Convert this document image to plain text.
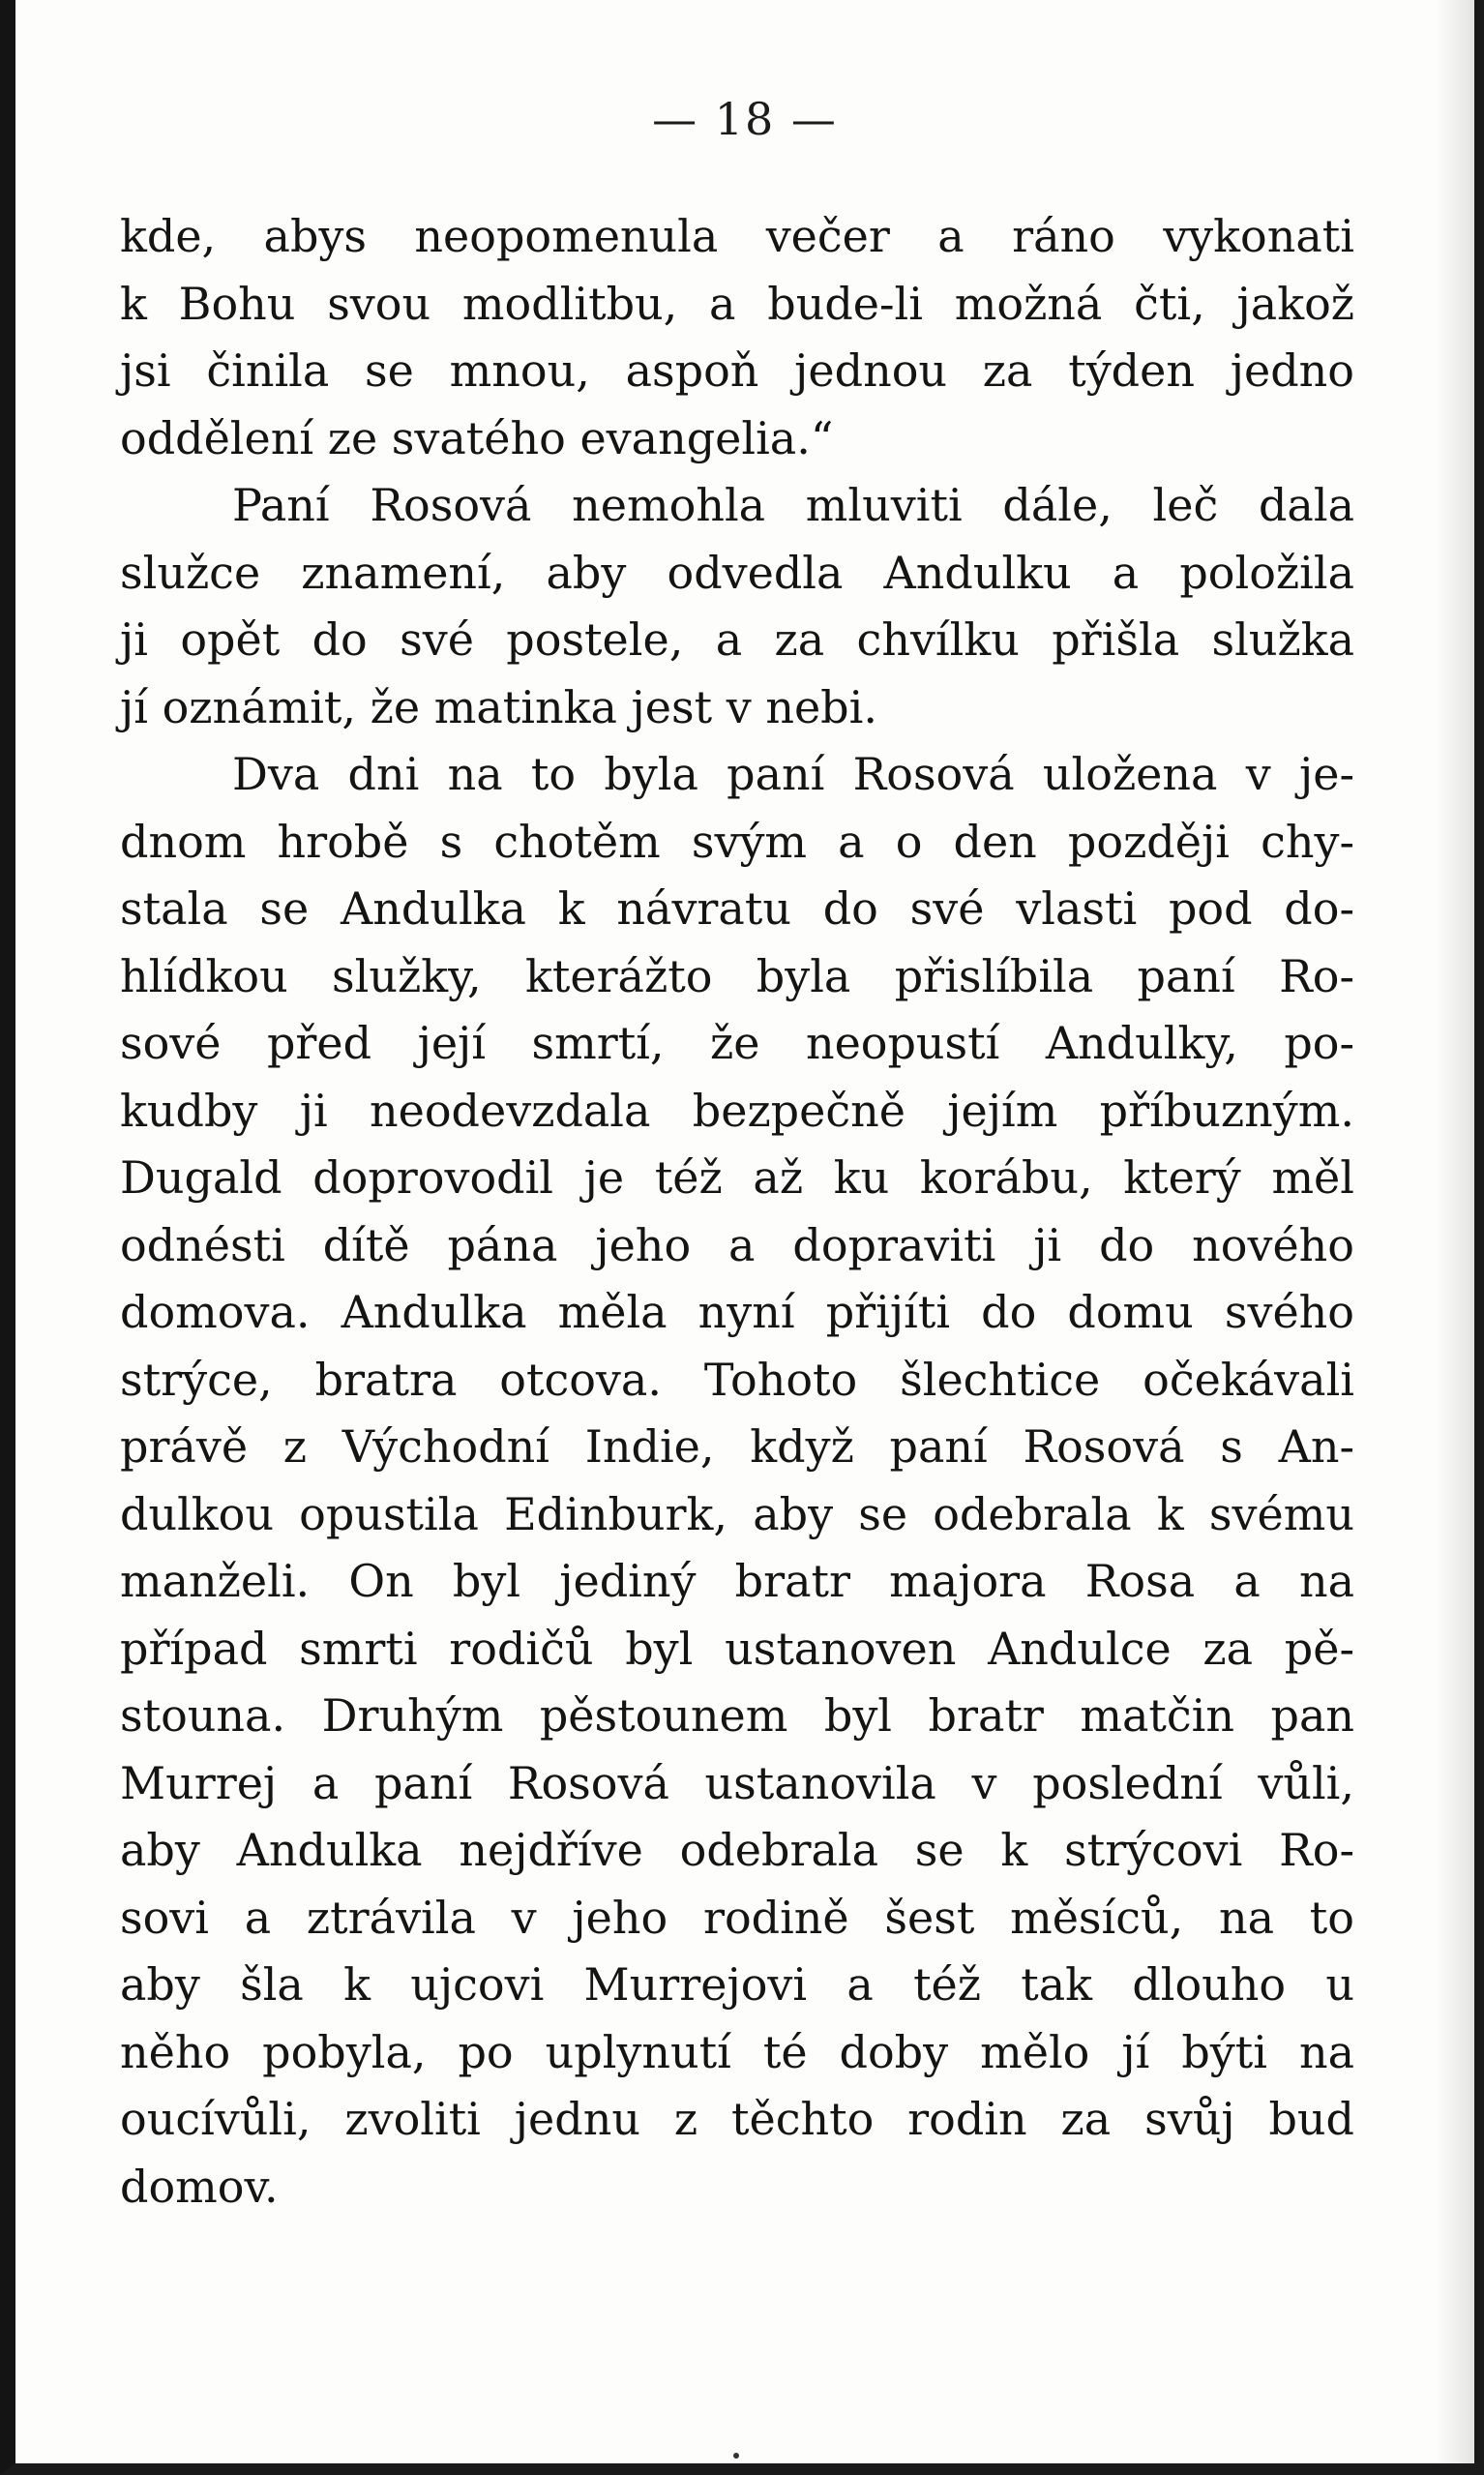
— 18 —
kde, abys neopomenula večer a ráno vykonati
k Bohu svou modlitbu, a bude-li možná čti, jakož
jsi činila se mnou, aspoň jednou za týden jedno
oddělení ze svatého evangelia.“
Paní Rosová nemohla mluviti dále, leč dala
služce znamení, aby odvedla Andulku a položila
ji opět do své postele, a za chvílku přišla služka
jí oznámit, že matinka jest v nebi.
Dva dni na to byla paní Rosová uložena v je-
dnom hrobě s chotěm svým a o den později chy-
stala se Andulka k návratu do své vlasti pod do-
hlídkou služky, kterážto byla přislíbila paní Ro-
sové před její smrtí, že neopustí Andulky, po-
kudby ji neodevzdala bezpečně jejím příbuzným.
Dugald doprovodil je též až ku korábu, který měl
odnésti dítě pána jeho a dopraviti ji do nového
domova. Andulka měla nyní přijíti do domu svého
strýce, bratra otcova. Tohoto šlechtice očekávali
právě z Východní Indie, když paní Rosová s An-
dulkou opustila Edinburk, aby se odebrala k svému
manželi. On byl jediný bratr majora Rosa a na
případ smrti rodičů byl ustanoven Andulce za pě-
stouna. Druhým pěstounem byl bratr matčin pan
Murrej a paní Rosová ustanovila v poslední vůli,
aby Andulka nejdříve odebrala se k strýcovi Ro-
sovi a ztrávila v jeho rodině šest měsíců, na to
aby šla k ujcovi Murrejovi a též tak dlouho u
něho pobyla, po uplynutí té doby mělo jí býti na
oucívůli, zvoliti jednu z těchto rodin za svůj bud
domov.
